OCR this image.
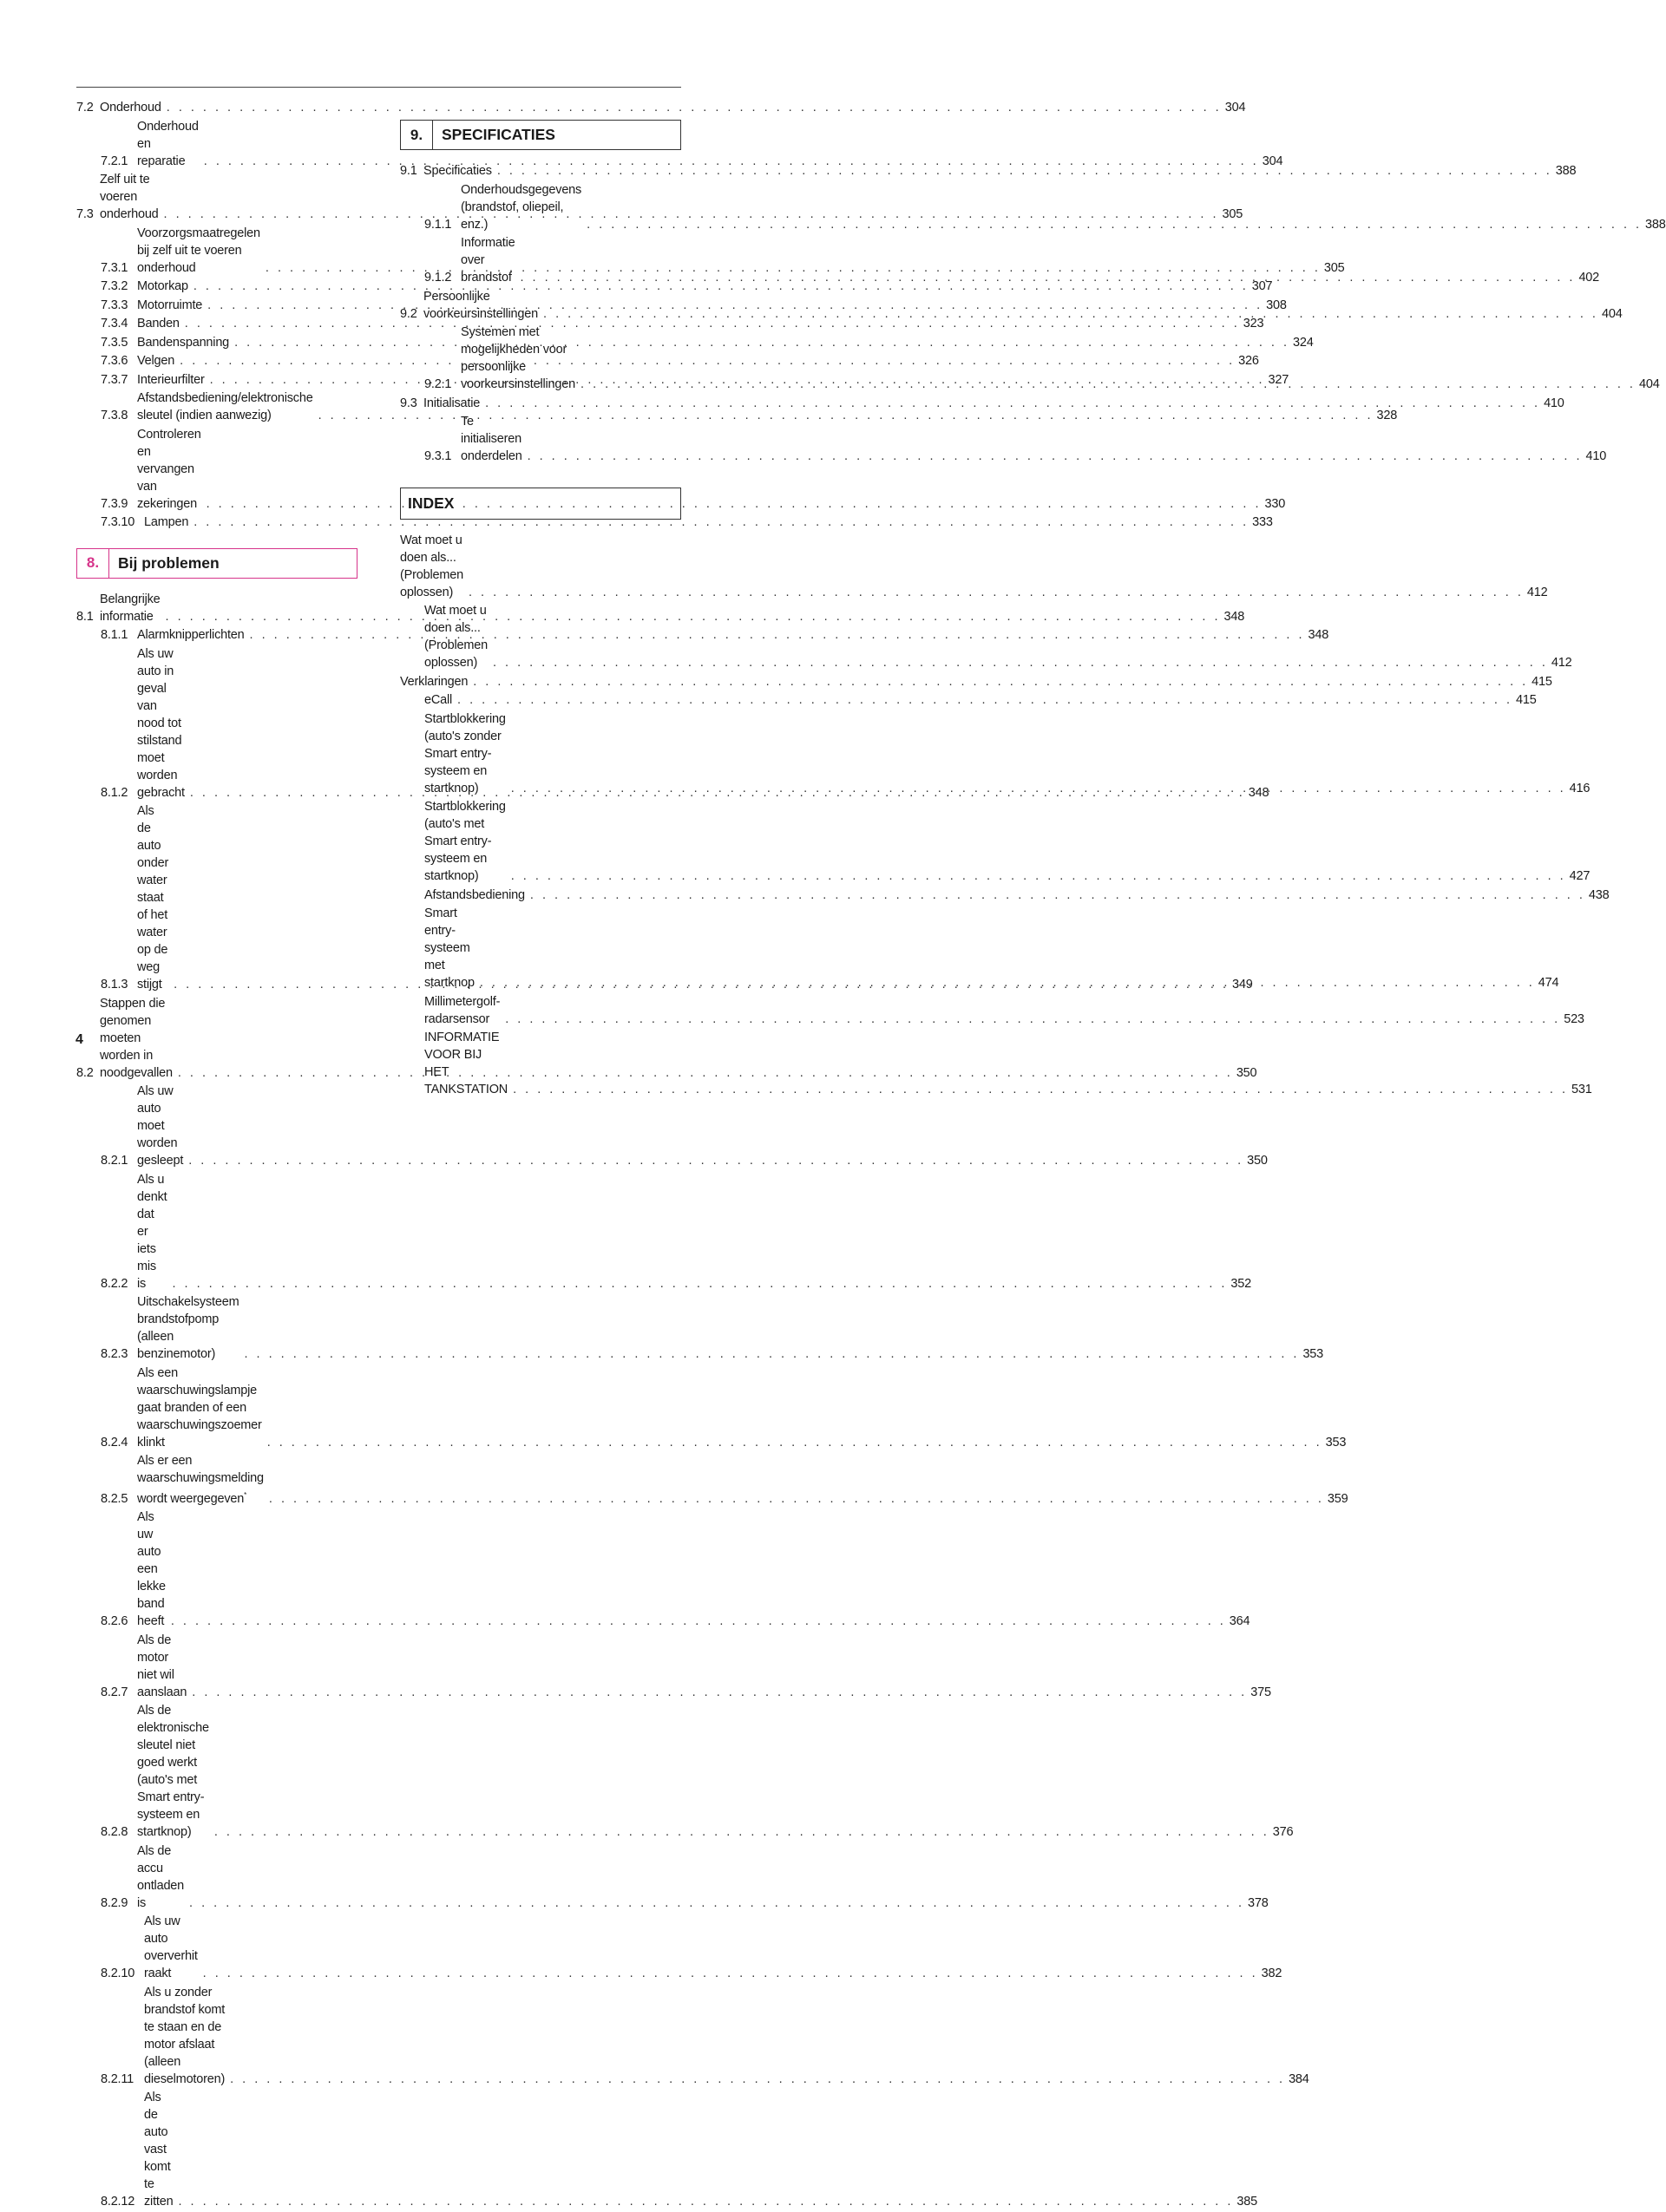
7.2 Onderhoud . . .	304
7.2.1
Onderhoud en reparatie . . .	304
7.3
Zelf uit te voeren onderhoud . . .	305
7.3.1
Voorzorgsmaatregelen bij zelf uit te voeren onderhoud . . .	305
7.3.2 Motorkap . . .	307
7.3.3 Motorruimte . . .	308
7.3.4 Banden . . .	323
7.3.5 Bandenspanning . . .	324
7.3.6 Velgen . . .	326
7.3.7 Interieurfilter . . .	327
7.3.8
Afstandsbediening/elektronische sleutel (indien aanwezig) . . .	328
7.3.9
Controleren en vervangen van zekeringen . . .	330
7.3.10 Lampen . . .	333
8.	Bij problemen
8.1
Belangrijke informatie . . .	348
8.1.1 Alarmknipperlichten . . .	348
8.1.2
Als uw auto in geval van nood tot stilstand moet worden gebracht . . .	348
8.1.3
Als de auto onder water staat of het water op de weg stijgt . . .	349
8.2
Stappen die genomen moeten worden in noodgevallen . . .	350
8.2.1
Als uw auto moet worden gesleept . . .	350
8.2.2
Als u denkt dat er iets mis is . . .	352
8.2.3
Uitschakelsysteem brandstofpomp (alleen benzinemotor) . . .	353
8.2.4
Als een waarschuwingslampje gaat branden of een waarschuwingszoemer klinkt . . .	353
8.2.5
Als er een waarschuwingsmelding wordt weergegeven* . . .	359
8.2.6
Als uw auto een lekke band heeft . . .	364
8.2.7
Als de motor niet wil aanslaan . . .	375
8.2.8
Als de elektronische sleutel niet goed werkt (auto's met Smart entry-systeem en startknop) . . .	376
8.2.9
Als de accu ontladen is . . .	378
8.2.10
Als uw auto oververhit raakt . . .	382
8.2.11
Als u zonder brandstof komt te staan en de motor afslaat (alleen dieselmotoren) . . .	384
8.2.12
Als de auto vast komt te zitten . . .	385
9.	SPECIFICATIES
9.1 Specificaties . . .	388
9.1.1
Onderhoudsgegevens (brandstof, oliepeil, enz.) . . .	388
9.1.2
Informatie over brandstof . . .	402
9.2
Persoonlijke voorkeursinstellingen . . .	404
9.2.1
Systemen met mogelijkheden voor persoonlijke voorkeursinstellingen . . .	404
9.3 Initialisatie . . .	410
9.3.1
Te initialiseren onderdelen . . .	410
INDEX
Wat moet u doen als... (Problemen oplossen) . . .	412
Wat moet u doen als... (Problemen oplossen) . . .	412
Verklaringen . . .	415
eCall . . .	415
Startblokkering (auto's zonder Smart entry-systeem en startknop) . . .	416
Startblokkering (auto's met Smart entry-systeem en startknop) . . .	427
Afstandsbediening . . .	438
Smart entry-systeem met startknop . . .	474
Millimetergolf-radarsensor . . .	523
INFORMATIE VOOR BIJ HET TANKSTATION . . .	531
4
